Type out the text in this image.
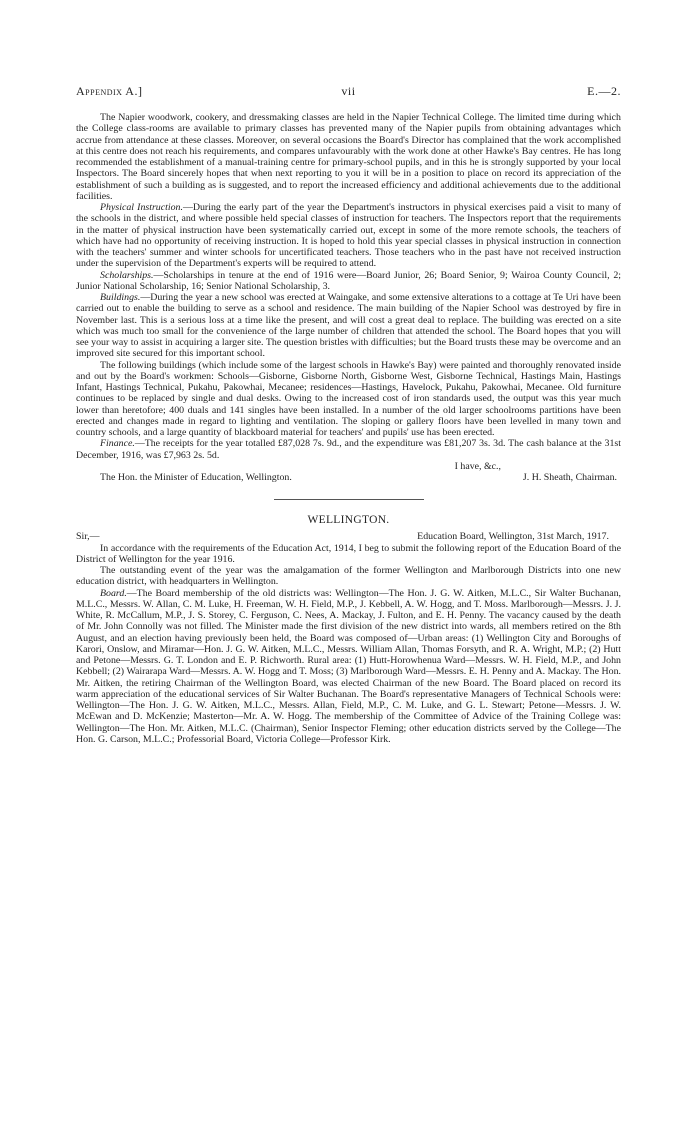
Appendix A.]	vii	E.—2.

The Napier woodwork, cookery, and dressmaking classes are held in the Napier Technical College. The limited time during which the College class-rooms are available to primary classes has prevented many of the Napier pupils from obtaining advantages which accrue from attendance at these classes. Moreover, on several occasions the Board's Director has complained that the work accomplished at this centre does not reach his requirements, and compares unfavourably with the work done at other Hawke's Bay centres. He has long recommended the establishment of a manual-training centre for primary-school pupils, and in this he is strongly supported by your local Inspectors. The Board sincerely hopes that when next reporting to you it will be in a position to place on record its appreciation of the establishment of such a building as is suggested, and to report the increased efficiency and additional achievements due to the additional facilities.

Physical Instruction.—During the early part of the year the Department's instructors in physical exercises paid a visit to many of the schools in the district, and where possible held special classes of instruction for teachers. The Inspectors report that the requirements in the matter of physical instruction have been systematically carried out, except in some of the more remote schools, the teachers of which have had no opportunity of receiving instruction. It is hoped to hold this year special classes in physical instruction in connection with the teachers' summer and winter schools for uncertificated teachers. Those teachers who in the past have not received instruction under the supervision of the Department's experts will be required to attend.

Scholarships.—Scholarships in tenure at the end of 1916 were—Board Junior, 26; Board Senior, 9; Wairoa County Council, 2; Junior National Scholarship, 16; Senior National Scholarship, 3.

Buildings.—During the year a new school was erected at Waingake, and some extensive alterations to a cottage at Te Uri have been carried out to enable the building to serve as a school and residence. The main building of the Napier School was destroyed by fire in November last. This is a serious loss at a time like the present, and will cost a great deal to replace. The building was erected on a site which was much too small for the convenience of the large number of children that attended the school. The Board hopes that you will see your way to assist in acquiring a larger site. The question bristles with difficulties; but the Board trusts these may be overcome and an improved site secured for this important school.

The following buildings (which include some of the largest schools in Hawke's Bay) were painted and thoroughly renovated inside and out by the Board's workmen: Schools—Gisborne, Gisborne North, Gisborne West, Gisborne Technical, Hastings Main, Hastings Infant, Hastings Technical, Pukahu, Pakowhai, Mecanee; residences—Hastings, Havelock, Pukahu, Pakowhai, Mecanee. Old furniture continues to be replaced by single and dual desks. Owing to the increased cost of iron standards used, the output was this year much lower than heretofore; 400 duals and 141 singles have been installed. In a number of the old larger schoolrooms partitions have been erected and changes made in regard to lighting and ventilation. The sloping or gallery floors have been levelled in many town and country schools, and a large quantity of blackboard material for teachers' and pupils' use has been erected.

Finance.—The receipts for the year totalled £87,028 7s. 9d., and the expenditure was £81,207 3s. 3d. The cash balance at the 31st December, 1916, was £7,963 2s. 5d.

I have, &c.,
The Hon. the Minister of Education, Wellington.	J. H. Sheath, Chairman.
WELLINGTON.
Sir,—	Education Board, Wellington, 31st March, 1917.

In accordance with the requirements of the Education Act, 1914, I beg to submit the following report of the Education Board of the District of Wellington for the year 1916.

The outstanding event of the year was the amalgamation of the former Wellington and Marlborough Districts into one new education district, with headquarters in Wellington.

Board.—The Board membership of the old districts was: Wellington—The Hon. J. G. W. Aitken, M.L.C., Sir Walter Buchanan, M.L.C., Messrs. W. Allan, C. M. Luke, H. Freeman, W. H. Field, M.P., J. Kebbell, A. W. Hogg, and T. Moss. Marlborough—Messrs. J. J. White, R. McCallum, M.P., J. S. Storey, C. Ferguson, C. Nees, A. Mackay, J. Fulton, and E. H. Penny. The vacancy caused by the death of Mr. John Connolly was not filled. The Minister made the first division of the new district into wards, all members retired on the 8th August, and an election having previously been held, the Board was composed of—Urban areas: (1) Wellington City and Boroughs of Karori, Onslow, and Miramar—Hon. J. G. W. Aitken, M.L.C., Messrs. William Allan, Thomas Forsyth, and R. A. Wright, M.P.; (2) Hutt and Petone—Messrs. G. T. London and E. P. Richworth. Rural area: (1) Hutt-Horowhenua Ward—Messrs. W. H. Field, M.P., and John Kebbell; (2) Wairarapa Ward—Messrs. A. W. Hogg and T. Moss; (3) Marlborough Ward—Messrs. E. H. Penny and A. Mackay. The Hon. Mr. Aitken, the retiring Chairman of the Wellington Board, was elected Chairman of the new Board. The Board placed on record its warm appreciation of the educational services of Sir Walter Buchanan. The Board's representative Managers of Technical Schools were: Wellington—The Hon. J. G. W. Aitken, M.L.C., Messrs. Allan, Field, M.P., C. M. Luke, and G. L. Stewart; Petone—Messrs. J. W. McEwan and D. McKenzie; Masterton—Mr. A. W. Hogg. The membership of the Committee of Advice of the Training College was: Wellington—The Hon. Mr. Aitken, M.L.C. (Chairman), Senior Inspector Fleming; other education districts served by the College—The Hon. G. Carson, M.L.C.; Professorial Board, Victoria College—Professor Kirk.
